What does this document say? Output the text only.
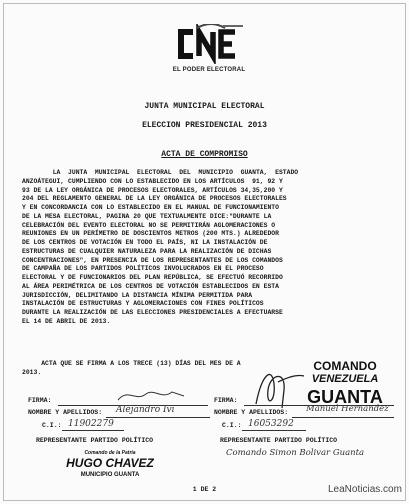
EL PODER ELECTORAL
JUNTA MUNICIPAL ELECTORAL
ELECCION PRESIDENCIAL 2013
ACTA DE COMPROMISO
LA  JUNTA  MUNICIPAL  ELECTORAL  DEL  MUNICIPIO  GUANTA,  ESTADO
ANZOÁTEGUI, CUMPLIENDO CON LO ESTABLECIDO EN LOS ARTÍCULOS  91, 92 Y
93 DE LA LEY ORGÁNICA DE PROCESOS ELECTORALES, ARTÍCULOS 34,35,200 Y
204 DEL REGLAMENTO GENERAL DE LA LEY ORGÁNICA DE PROCESOS ELECTORALES
Y EN CONCORDANCIA CON LO ESTABLECIDO EN EL MANUAL DE FUNCIONAMIENTO
DE LA MESA ELECTORAL, PAGINA 20 QUE TEXTUALMENTE DICE:"DURANTE LA
CELEBRACIÓN DEL EVENTO ELECTORAL NO SE PERMITIRÁN AGLOMERACIONES O
REUNIONES EN UN PERÍMETRO DE DOSCIENTOS METROS (200 MTS.) ALREDEDOR
DE LOS CENTROS DE VOTACIÓN EN TODO EL PAÍS, NI LA INSTALACIÓN DE
ESTRUCTURAS DE CUALQUIER NATURALEZA PARA LA REALIZACIÓN DE DICHAS
CONCENTRACIONES", EN PRESENCIA DE LOS REPRESENTANTES DE LOS COMANDOS
DE CAMPAÑA DE LOS PARTIDOS POLÍTICOS INVOLUCRADOS EN EL PROCESO
ELECTORAL Y DE FUNCIONARIOS DEL PLAN REPÚBLICA, SE EFECTUÓ RECORRIDO
AL ÁREA PERIMÉTRICA DE LOS CENTROS DE VOTACIÓN ESTABLECIDOS EN ESTA
JURISDICCIÓN, DELIMITANDO LA DISTANCIA MÍNIMA PERMITIDA PARA
INSTALACIÓN DE ESTRUCTURAS Y AGLOMERACIONES CON FINES POLÍTICOS
DURANTE LA REALIZACIÓN DE LAS ELECCIONES PRESIDENCIALES A EFECTUARSE
EL 14 DE ABRIL DE 2013.
ACTA QUE SE FIRMA A LOS TRECE (13) DÍAS DEL MES DE A
2013.	COMANDO
VENEZUELA
GUANTA
FIRMA:
NOMBRE Y APELLIDOS: Alejandro Ivi
C.I.: 11902279
REPRESENTANTE PARTIDO POLÍTICO
FIRMA:
NOMBRE Y APELLIDOS: Manuel Hernandez
C.I.: 16053292
REPRESENTANTE PARTIDO POLÍTICO
Comando Simon Bolivar Guanta
Comando de la Patria
HUGO CHAVEZ
MUNICIPIO GUANTA
1 DE 2	LeaNoticias.com
